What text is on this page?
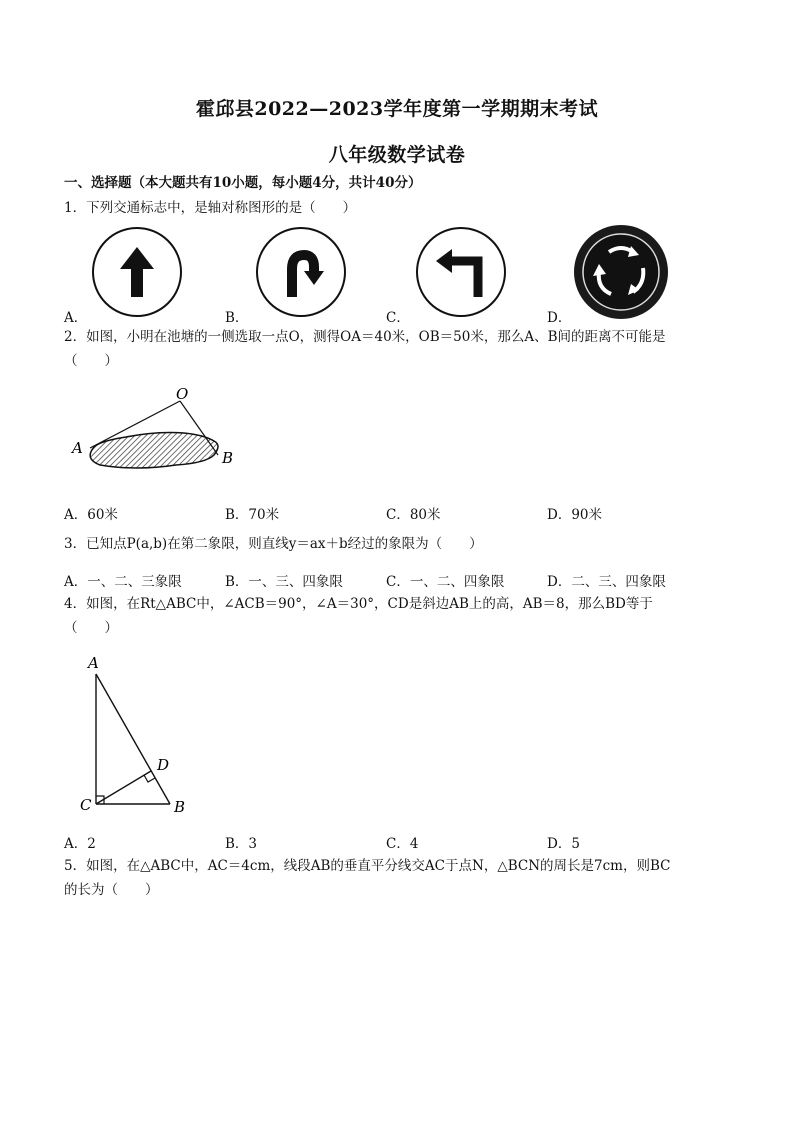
霍邱县2022—2023学年度第一学期期末考试
八年级数学试卷
一、选择题（本大题共有10小题，每小题4分，共计40分）
1．下列交通标志中，是轴对称图形的是（　　）
A．	B．	C．	D．
2．如图，小明在池塘的一侧选取一点O，测得OA＝40米，OB＝50米，那么A、B间的距离不可能是
（　　）
O
A
B
A．60米	B．70米	C．80米	D．90米
3．已知点P(a,b)在第二象限，则直线y＝ax＋b经过的象限为（　　）
A．一、二、三象限	B．一、三、四象限	C．一、二、四象限	D．二、三、四象限
4．如图，在Rt△ABC中，∠ACB＝90°，∠A＝30°，CD是斜边AB上的高，AB＝8，那么BD等于
（　　）
A
B
C
D
A．2	B．3	C．4	D．5
5．如图，在△ABC中，AC＝4cm，线段AB的垂直平分线交AC于点N，△BCN的周长是7cm，则BC
的长为（　　）
